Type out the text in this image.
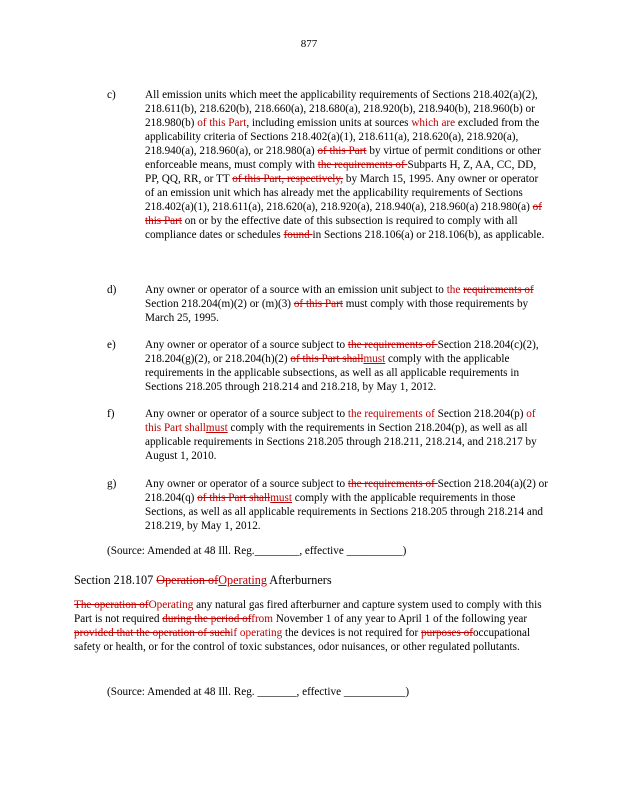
877
c)	All emission units which meet the applicability requirements of Sections 218.402(a)(2), 218.611(b), 218.620(b), 218.660(a), 218.680(a), 218.920(b), 218.940(b), 218.960(b) or 218.980(b) of this Part, including emission units at sources which are excluded from the applicability criteria of Sections 218.402(a)(1), 218.611(a), 218.620(a), 218.920(a), 218.940(a), 218.960(a), or 218.980(a) of this Part by virtue of permit conditions or other enforceable means, must comply with the requirements of Subparts H, Z, AA, CC, DD, PP, QQ, RR, or TT of this Part, respectively, by March 15, 1995. Any owner or operator of an emission unit which has already met the applicability requirements of Sections 218.402(a)(1), 218.611(a), 218.620(a), 218.920(a), 218.940(a), 218.960(a) 218.980(a) of this Part on or by the effective date of this subsection is required to comply with all compliance dates or schedules found in Sections 218.106(a) or 218.106(b), as applicable.
d)	Any owner or operator of a source with an emission unit subject to the requirements of Section 218.204(m)(2) or (m)(3) of this Part must comply with those requirements by March 25, 1995.
e)	Any owner or operator of a source subject to the requirements of Section 218.204(c)(2), 218.204(g)(2), or 218.204(h)(2) of this Part shallmust comply with the applicable requirements in the applicable subsections, as well as all applicable requirements in Sections 218.205 through 218.214 and 218.218, by May 1, 2012.
f)	Any owner or operator of a source subject to the requirements of Section 218.204(p) of this Part shallmust comply with the requirements in Section 218.204(p), as well as all applicable requirements in Sections 218.205 through 218.211, 218.214, and 218.217 by August 1, 2010.
g)	Any owner or operator of a source subject to the requirements of Section 218.204(a)(2) or 218.204(q) of this Part shallmust comply with the applicable requirements in those Sections, as well as all applicable requirements in Sections 218.205 through 218.214 and 218.219, by May 1, 2012.
(Source: Amended at 48 Ill. Reg.________, effective __________)
Section 218.107 Operation ofOperating Afterburners
The operation ofOperating any natural gas fired afterburner and capture system used to comply with this Part is not required during the period offrom November 1 of any year to April 1 of the following year provided that the operation of suchif operating the devices is not required for purposes ofoccupational safety or health, or for the control of toxic substances, odor nuisances, or other regulated pollutants.
(Source: Amended at 48 Ill. Reg. _______, effective ___________)
